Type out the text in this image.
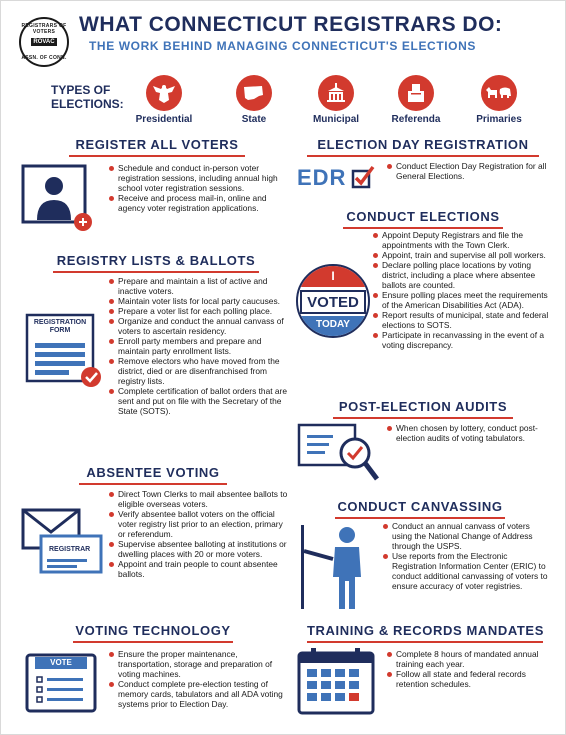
REGISTRARS OF VOTERS
ROVAC
ASSN. OF CONN.
WHAT CONNECTICUT REGISTRARS DO:
THE WORK BEHIND MANAGING CONNECTICUT'S ELECTIONS
TYPES OF
ELECTIONS:
Presidential	State	Municipal	Referenda	Primaries
REGISTER ALL VOTERS
Schedule and conduct in-person voter registration sessions, including annual high school voter registration sessions.
Receive and process mail-in, online and agency voter registration applications.
REGISTRY LISTS & BALLOTS
REGISTRATION
FORM
Prepare and maintain a list of active and inactive voters.
Maintain voter lists for local party caucuses.
Prepare a voter list for each polling place.
Organize and conduct the annual canvass of voters to ascertain residency.
Enroll party members and prepare and maintain party enrollment lists.
Remove electors who have moved from the district, died or are disenfranchised from registry lists.
Complete certification of ballot orders that are sent and put on file with the Secretary of the State (SOTS).
ABSENTEE VOTING
REGISTRAR
Direct Town Clerks to mail absentee ballots to eligible overseas voters.
Verify absentee ballot voters on the official voter registry list prior to an election, primary or referendum.
Supervise absentee balloting at institutions or dwelling places with 20 or more voters.
Appoint and train people to count absentee ballots.
VOTING TECHNOLOGY
VOTE
Ensure the proper maintenance, transportation, storage and preparation of voting machines.
Conduct complete pre-election testing of memory cards, tabulators and all ADA voting systems prior to Election Day.
ELECTION DAY REGISTRATION
EDR	Conduct Election Day Registration for all General Elections.
CONDUCT ELECTIONS
I
VOTED
TODAY
Appoint Deputy Registrars and file the appointments with the Town Clerk.
Appoint, train and supervise all poll workers.
Declare polling place locations by voting district, including a place where absentee ballots are counted.
Ensure polling places meet the requirements of the American Disabilities Act (ADA).
Report results of municipal, state and federal elections to SOTS.
Participate in recanvassing in the event of a voting discrepancy.
POST-ELECTION AUDITS
When chosen by lottery, conduct post-election audits of voting tabulators.
CONDUCT CANVASSING
Conduct an annual canvass of voters using the National Change of Address through the USPS.
Use reports from the Electronic Registration Information Center (ERIC) to conduct additional canvassing of voters to ensure accuracy of voter registries.
TRAINING & RECORDS MANDATES
Complete 8 hours of mandated annual training each year.
Follow all state and federal records retention schedules.
